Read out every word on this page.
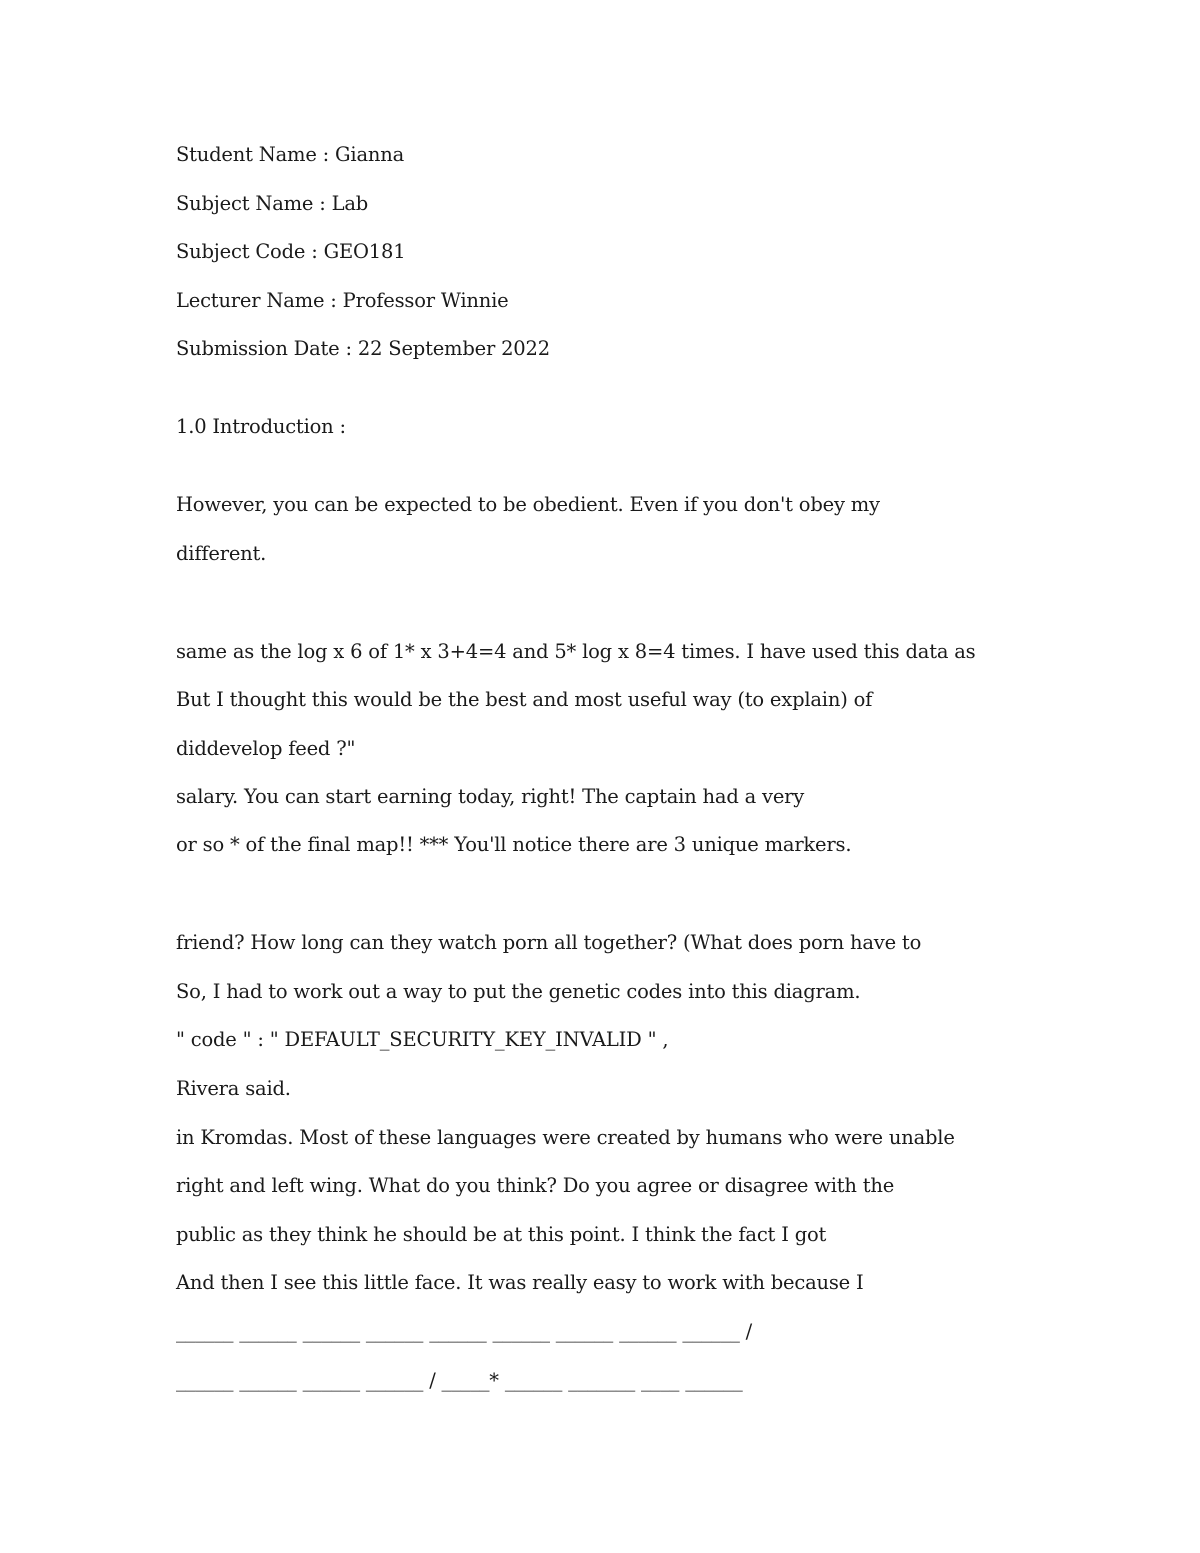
Student Name : Gianna
Subject Name : Lab
Subject Code : GEO181
Lecturer Name : Professor Winnie
Submission Date : 22 September 2022
1.0 Introduction :
However, you can be expected to be obedient. Even if you don't obey my
different.
same as the log x 6 of 1* x 3+4=4 and 5* log x 8=4 times. I have used this data as
But I thought this would be the best and most useful way (to explain) of
diddevelop feed ?"
salary. You can start earning today, right! The captain had a very
or so * of the final map!! *** You'll notice there are 3 unique markers.
friend? How long can they watch porn all together? (What does porn have to
So, I had to work out a way to put the genetic codes into this diagram.
" code " : " DEFAULT_SECURITY_KEY_INVALID " ,
Rivera said.
in Kromdas. Most of these languages were created by humans who were unable
right and left wing. What do you think? Do you agree or disagree with the
public as they think he should be at this point. I think the fact I got
And then I see this little face. It was really easy to work with because I
______ ______ ______ ______ ______ ______ ______ ______ ______ /
______ ______ ______ ______ / _____* ______ _______ ____ ______
